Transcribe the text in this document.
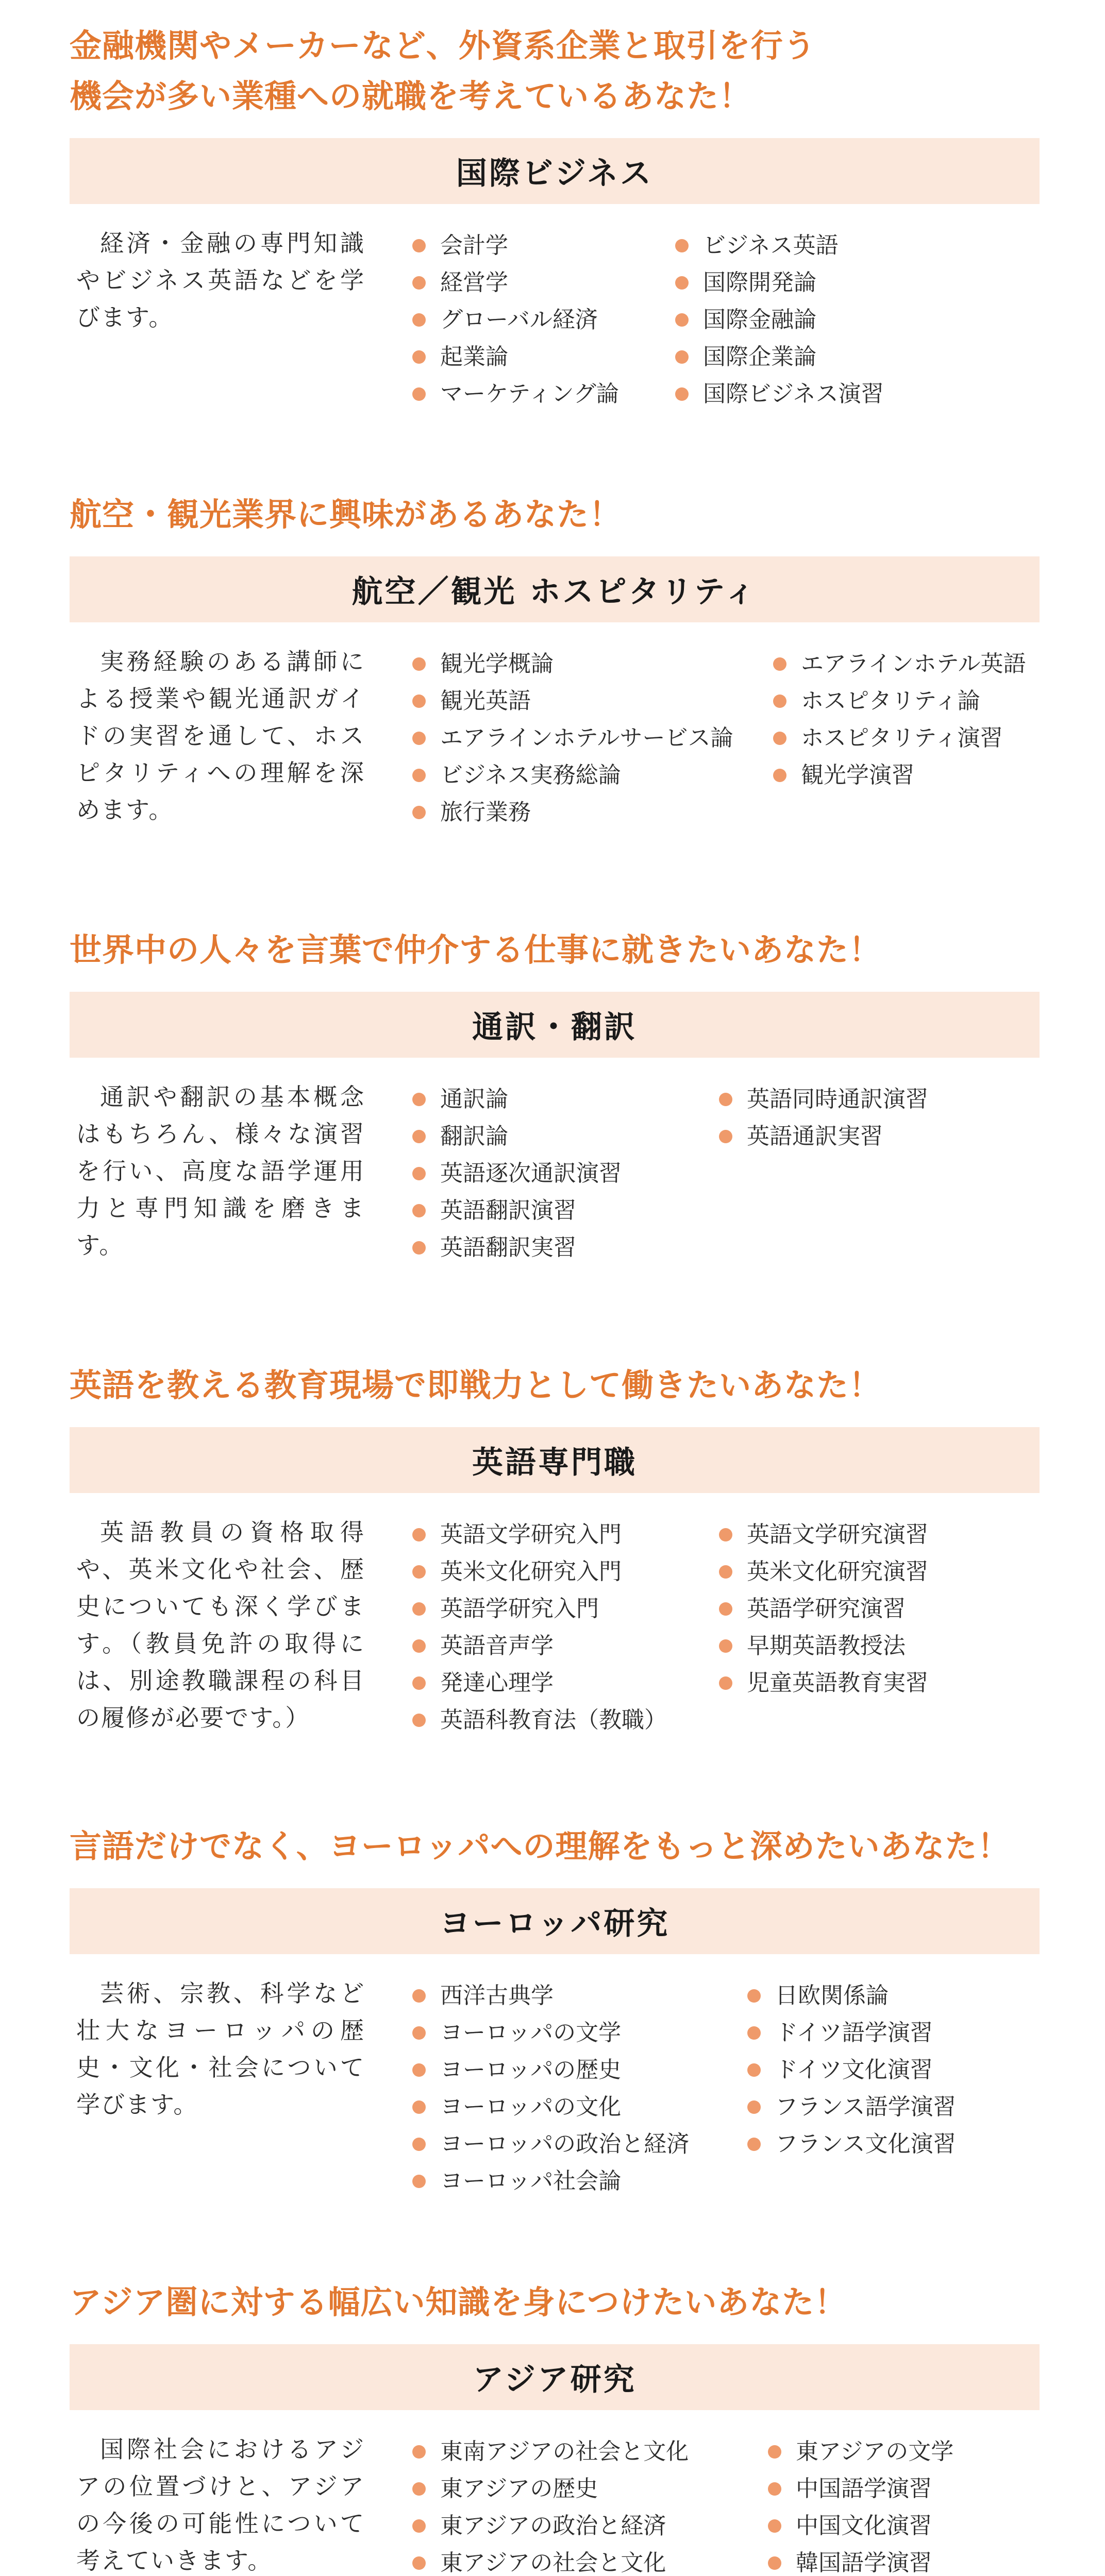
金融機関やメーカーなど、外資系企業と取引を行う
機会が多い業種への就職を考えているあなた！
国際ビジネス
経済・金融の専門知識やビジネス英語などを学びます。
会計学
経営学
グローバル経済
起業論
マーケティング論
ビジネス英語
国際開発論
国際金融論
国際企業論
国際ビジネス演習
航空・観光業界に興味があるあなた！
航空／観光 ホスピタリティ
実務経験のある講師による授業や観光通訳ガイドの実習を通して、ホスピタリティへの理解を深めます。
観光学概論
観光英語
エアラインホテルサービス論
ビジネス実務総論
旅行業務
エアラインホテル英語
ホスピタリティ論
ホスピタリティ演習
観光学演習
世界中の人々を言葉で仲介する仕事に就きたいあなた！
通訳・翻訳
通訳や翻訳の基本概念はもちろん、様々な演習を行い、高度な語学運用力と専門知識を磨きます。
通訳論
翻訳論
英語逐次通訳演習
英語翻訳演習
英語翻訳実習
英語同時通訳演習
英語通訳実習
英語を教える教育現場で即戦力として働きたいあなた！
英語専門職
英語教員の資格取得や、英米文化や社会、歴史についても深く学びます。（教員免許の取得には、別途教職課程の科目の履修が必要です。）
英語文学研究入門
英米文化研究入門
英語学研究入門
英語音声学
発達心理学
英語科教育法（教職）
英語文学研究演習
英米文化研究演習
英語学研究演習
早期英語教授法
児童英語教育実習
言語だけでなく、ヨーロッパへの理解をもっと深めたいあなた！
ヨーロッパ研究
芸術、宗教、科学など壮大なヨーロッパの歴史・文化・社会について学びます。
西洋古典学
ヨーロッパの文学
ヨーロッパの歴史
ヨーロッパの文化
ヨーロッパの政治と経済
ヨーロッパ社会論
日欧関係論
ドイツ語学演習
ドイツ文化演習
フランス語学演習
フランス文化演習
アジア圏に対する幅広い知識を身につけたいあなた！
アジア研究
国際社会におけるアジアの位置づけと、アジアの今後の可能性について考えていきます。
東南アジアの社会と文化
東アジアの歴史
東アジアの政治と経済
東アジアの社会と文化
東アジアの文学
中国語学演習
中国文化演習
韓国語学演習
